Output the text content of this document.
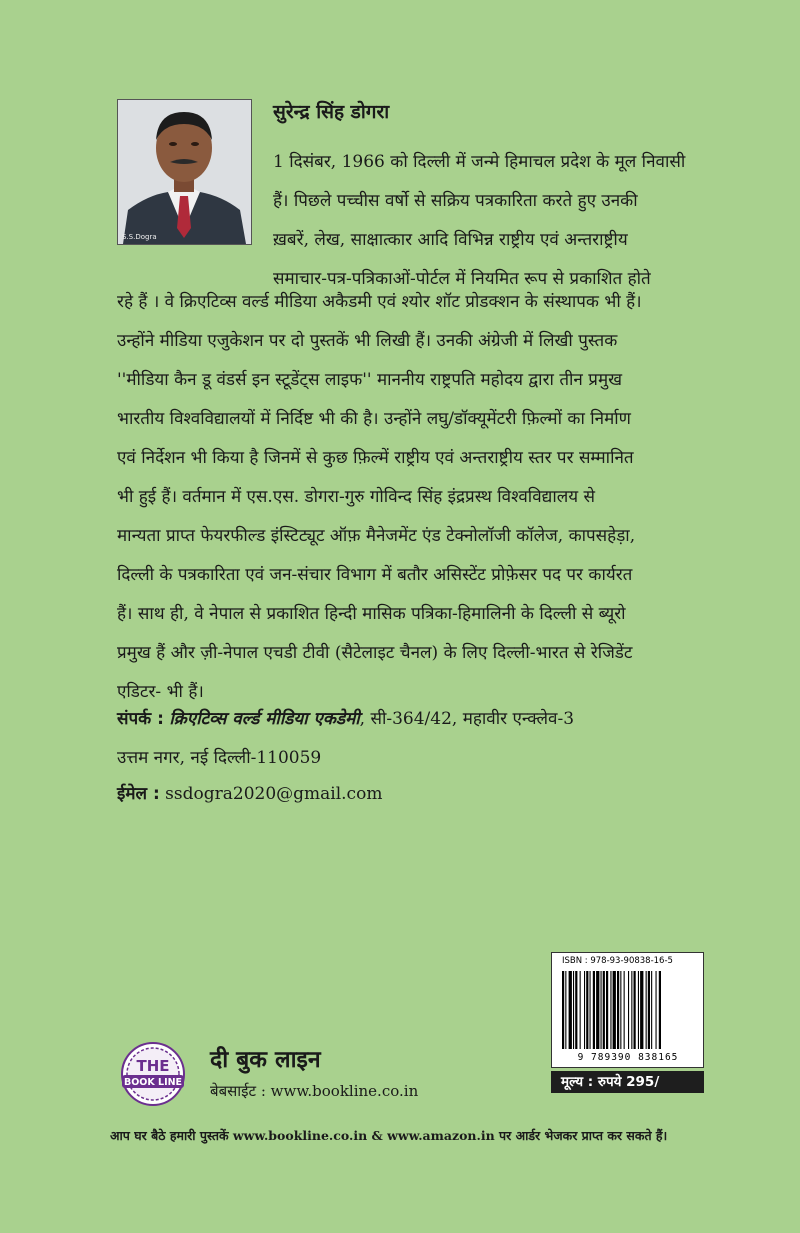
S.S.Dogra
सुरेन्द्र सिंह डोगरा
1 दिसंबर, 1966 को दिल्ली में जन्मे हिमाचल प्रदेश के मूल निवासी
हैं। पिछले पच्चीस वर्षो से सक्रिय पत्रकारिता करते हुए उनकी
ख़बरें, लेख, साक्षात्कार आदि विभिन्न राष्ट्रीय एवं अन्तराष्ट्रीय
समाचार-पत्र-पत्रिकाओं-पोर्टल में नियमित रूप से प्रकाशित होते
रहे हैं । वे क्रिएटिव्स वर्ल्ड मीडिया अकैडमी एवं श्योर शॉट प्रोडक्शन के संस्थापक भी हैं।
उन्होंने मीडिया एजुकेशन पर दो पुस्तकें भी लिखी हैं। उनकी अंग्रेजी में लिखी पुस्तक
''मीडिया कैन डू वंडर्स इन स्टूडेंट्स लाइफ'' माननीय राष्ट्रपति महोदय द्वारा तीन प्रमुख
भारतीय विश्वविद्यालयों में निर्दिष्ट भी की है। उन्होंने लघु/डॉक्यूमेंटरी फ़िल्मों का निर्माण
एवं निर्देशन भी किया है जिनमें से कुछ फ़िल्में राष्ट्रीय एवं अन्तराष्ट्रीय स्तर पर सम्मानित
भी हुई हैं। वर्तमान में एस.एस. डोगरा-गुरु गोविन्द सिंह इंद्रप्रस्थ विश्वविद्यालय से
मान्यता प्राप्त फेयरफील्ड इंस्टिट्यूट ऑफ़ मैनेजमेंट एंड टेक्नोलॉजी कॉलेज, कापसहेड़ा,
दिल्ली के पत्रकारिता एवं जन-संचार विभाग में बतौर असिस्टेंट प्रोफ़ेसर पद पर कार्यरत
हैं। साथ ही, वे नेपाल से प्रकाशित हिन्दी मासिक पत्रिका-हिमालिनी के दिल्ली से ब्यूरो
प्रमुख हैं और ज़ी-नेपाल एचडी टीवी (सैटेलाइट चैनल) के लिए दिल्ली-भारत से रेजिडेंट
एडिटर- भी हैं।
संपर्क : क्रिएटिव्स वर्ल्ड मीडिया एकडेमी, सी-364/42, महावीर एन्क्लेव-3
उत्तम नगर, नई दिल्ली-110059
ईमेल : ssdogra2020@gmail.com
ISBN : 978-93-90838-16-5
9 789390 838165
मूल्य : रुपये 295/
THE
BOOK LINE
दी बुक लाइन
बेबसाईट : www.bookline.co.in
आप घर बैठे हमारी पुस्तकें www.bookline.co.in & www.amazon.in पर आर्डर भेजकर प्राप्त कर सकते हैं।
